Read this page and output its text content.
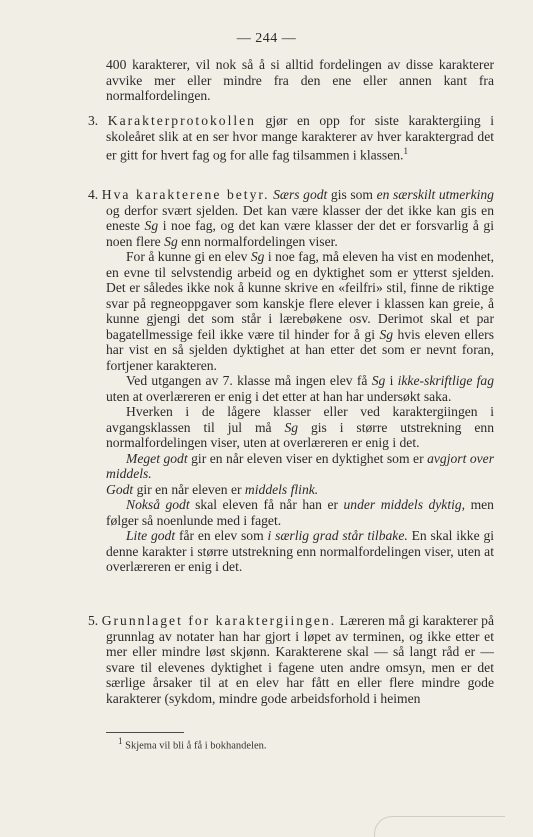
— 244 —

400 karakterer, vil nok så å si alltid fordelingen av disse karakterer avvike mer eller mindre fra den ene eller annen kant fra normalfordelingen.

3. Karakterprotokollen gjør en opp for siste karaktergiing i skoleåret slik at en ser hvor mange karakterer av hver karaktergrad det er gitt for hvert fag og for alle fag tilsammen i klassen.$^1$

4. Hva karakterene betyr. Særs godt gis som en særskilt utmerking og derfor svært sjelden. Det kan være klasser der det ikke kan gis en eneste Sg i noe fag, og det kan være klasser der det er forsvarlig å gi noen flere Sg enn normalfordelingen viser.

For å kunne gi en elev Sg i noe fag, må eleven ha vist en modenhet, en evne til selvstendig arbeid og en dyktighet som er ytterst sjelden. Det er således ikke nok å kunne skrive en «feilfri» stil, finne de riktige svar på regneoppgaver som kanskje flere elever i klassen kan greie, å kunne gjengi det som står i lærebøkene osv. Derimot skal et par bagatellmessige feil ikke være til hinder for å gi Sg hvis eleven ellers har vist en så sjelden dyktighet at han etter det som er nevnt foran, fortjener karakteren.

Ved utgangen av 7. klasse må ingen elev få Sg i ikke-skriftlige fag uten at overlæreren er enig i det etter at han har undersøkt saka.

Hverken i de lågere klasser eller ved karaktergiingen i avgangsklassen til jul må Sg gis i større utstrekning enn normalfordelingen viser, uten at overlæreren er enig i det.

Meget godt gir en når eleven viser en dyktighet som er avgjort over middels.

Godt gir en når eleven er middels flink.

Nokså godt skal eleven få når han er under middels dyktig, men følger så noenlunde med i faget.

Lite godt får en elev som i særlig grad står tilbake. En skal ikke gi denne karakter i større utstrekning enn normalfordelingen viser, uten at overlæreren er enig i det.

5. Grunnlaget for karaktergiingen. Læreren må gi karakterer på grunnlag av notater han har gjort i løpet av terminen, og ikke etter et mer eller mindre løst skjønn. Karakterene skal — så langt råd er — svare til elevenes dyktighet i fagene uten andre omsyn, men er det særlige årsaker til at en elev har fått en eller flere mindre gode karakterer (sykdom, mindre gode arbeidsforhold i heimen

1 Skjema vil bli å få i bokhandelen.
